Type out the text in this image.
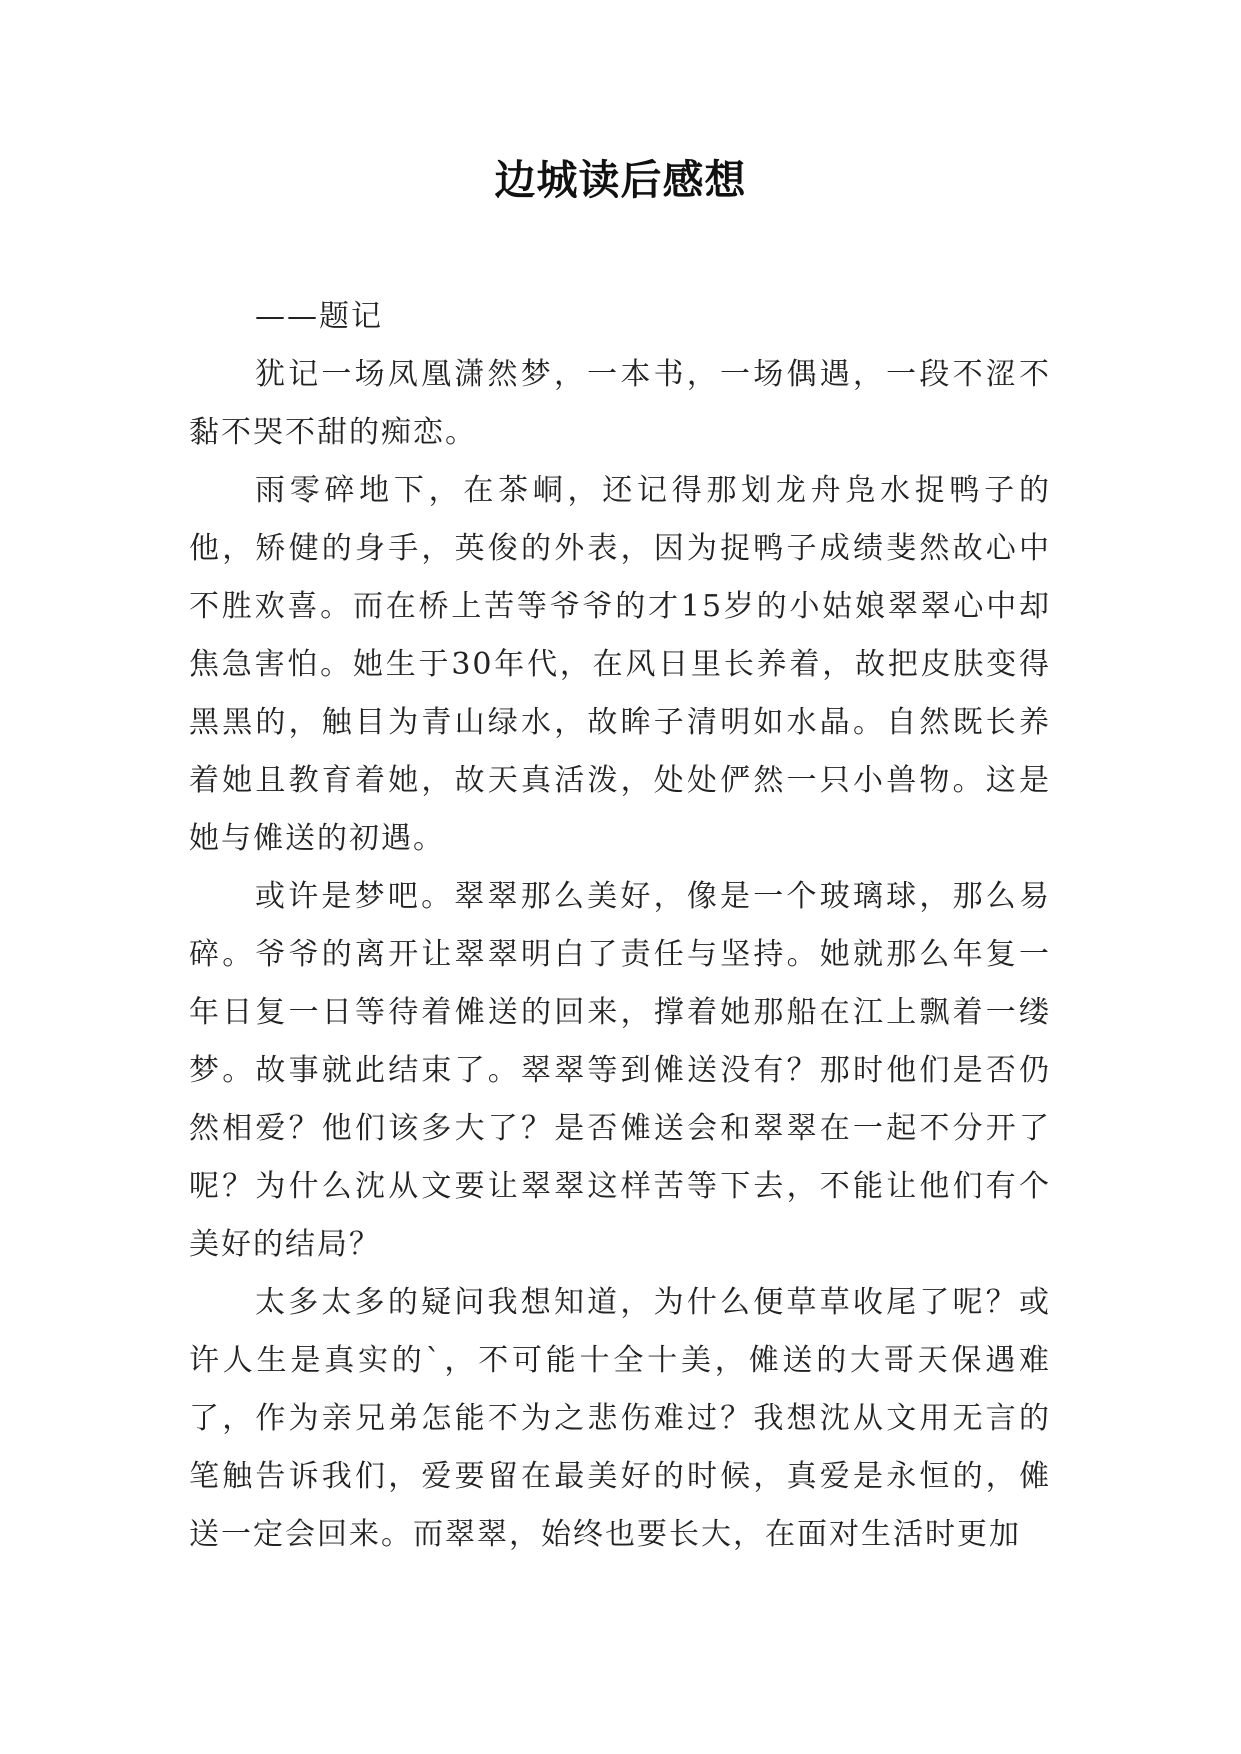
边城读后感想

——题记

犹记一场凤凰潇然梦，一本书，一场偶遇，一段不涩不黏不哭不甜的痴恋。

雨零碎地下，在茶峒，还记得那划龙舟凫水捉鸭子的他，矫健的身手，英俊的外表，因为捉鸭子成绩斐然故心中不胜欢喜。而在桥上苦等爷爷的才15岁的小姑娘翠翠心中却焦急害怕。她生于30年代，在风日里长养着，故把皮肤变得黑黑的，触目为青山绿水，故眸子清明如水晶。自然既长养着她且教育着她，故天真活泼，处处俨然一只小兽物。这是她与傩送的初遇。

或许是梦吧。翠翠那么美好，像是一个玻璃球，那么易碎。爷爷的离开让翠翠明白了责任与坚持。她就那么年复一年日复一日等待着傩送的回来，撑着她那船在江上飘着一缕梦。故事就此结束了。翠翠等到傩送没有？那时他们是否仍然相爱？他们该多大了？是否傩送会和翠翠在一起不分开了呢？为什么沈从文要让翠翠这样苦等下去，不能让他们有个美好的结局？

太多太多的疑问我想知道，为什么便草草收尾了呢？或许人生是真实的`，不可能十全十美，傩送的大哥天保遇难了，作为亲兄弟怎能不为之悲伤难过？我想沈从文用无言的笔触告诉我们，爱要留在最美好的时候，真爱是永恒的，傩送一定会回来。而翠翠，始终也要长大，在面对生活时更加
